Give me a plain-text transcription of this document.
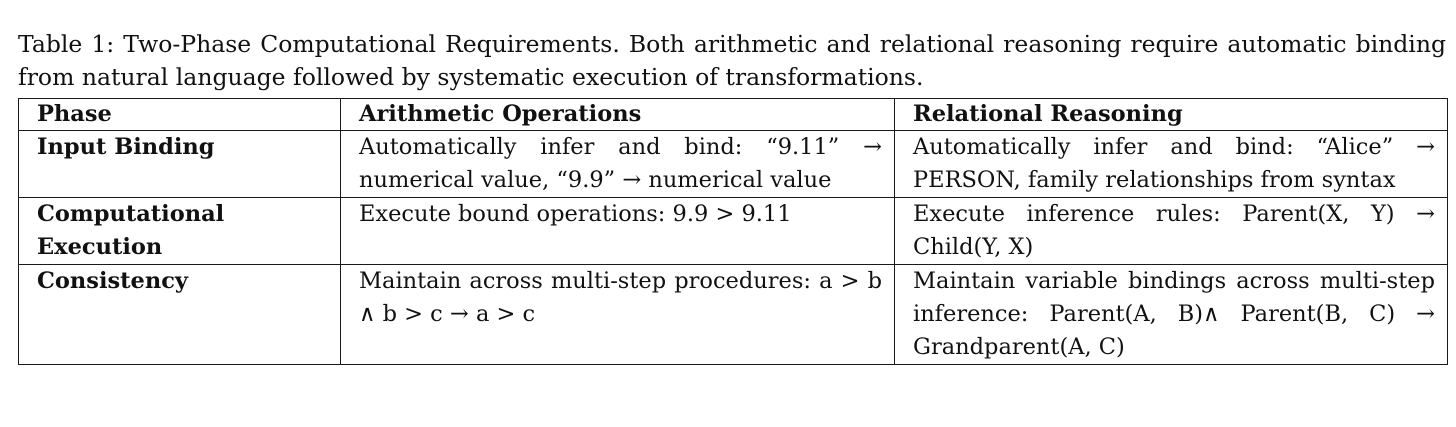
Table 1: Two-Phase Computational Requirements. Both arithmetic and relational reasoning require automatic binding from natural language followed by systematic execution of transformations.
Phase	Arithmetic Operations	Relational Reasoning
Input Binding	Automatically infer and bind: “9.11” → numerical value, “9.9” → numerical value	Automatically infer and bind: “Alice” → PERSON, family relationships from syntax
Computational Execution	Execute bound operations: 9.9 > 9.11	Execute inference rules: Parent(X, Y) → Child(Y, X)
Consistency	Maintain across multi-step procedures: a > b ∧ b > c → a > c	Maintain variable bindings across multi-step inference: Parent(A, B)∧ Parent(B, C) → Grandparent(A, C)
